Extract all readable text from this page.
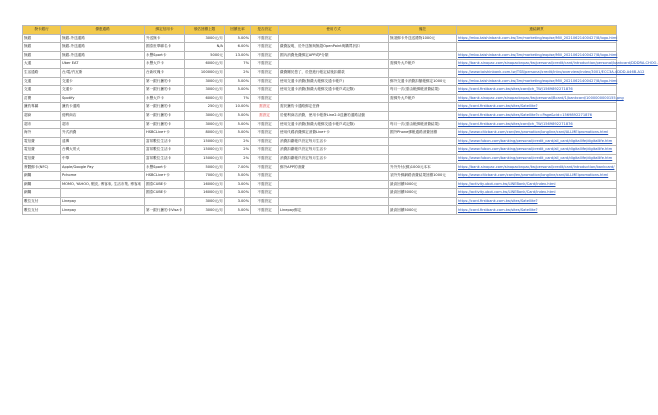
發卡銀行	優惠通路	綁定信用卡	預估回饋上限	回饋比率	是否設定	使用方式	備註	連結網頁
無銀	無銀-外送通路	外送無卡	3000元/月	5.00%	不需設定		無須綁卡外送送禮物1000元	https://mbo.taishinbank.com.tw/3m/marketing/eopise/Mill_20210621400427/8/logo.html
無銀	無銀-外送通路	國泰世華聯名卡	N/A	6.00%	不需設定	繳費說明，於外送無與無超OpenPoint與購買折扣		
無銀	無銀-外送通路	永豐Sport卡	5000元	13.00%	不需設定	國內消費免費綁定APP或P分類		https://mbo.taishinbank.com.tw/3m/marketing/eopise/Mill_20210621400427/8/logo.html
大通	Uber EAT	永豐大戶卡	6000元/月	7%	不需設定		需綁外大戶帳戶	https://bank.sinopac.com/sinopacbnpac/tw/personal/credit/card/introduction/personal/bankcard/DDDRA-CHOO-
生活通路	台/電/汽瓦斯	台新玫瑰卡	100000元/月	2%	不需設定	繳費關於您了，於您進行帳定結後扣繳款		https://www.taishinbank.com.tw/TSB/personal/credit/intro/overview/index/3001/ECC3A-4DDD-A46B-A12
交通	交通卡	第一銀行獵豹卡	3000元/月	5.00%	不需設定	使用交通卡消費(無繳大帳綁交通卡帳戶)	綁外交通卡消費扣額帳綁定1000元	https://mbo.taishinbank.com.tw/3m/marketing/eopise/Mill_20210621400427/8/logo.html
交通	交通卡	第一銀行獵豹卡	3000元/月	5.00%	不需設定	使用交通卡消費(無繳大帳綁交通卡帳戶或記錄)	每月一次(需由帳綁帳消費結果)	https://card.firstbank.com.tw/sites/card/ch_TW/1569892271876
訂閱	Spotify	永豐大戶卡	6000元/月	7%	不需設定		需綁外大戶帳戶	https://bank.sinopac.com/sinopacbnpac/tw/personal/Bcard/1/bankcard/1000000000155.png
獵豹專屬	獵豹卡通路	第一銀行獵豹卡	250元/月	10.00%	需設定	需於獵豹卡通路綁定任務		https://card.firstbank.com.tw/sites/Satellite?
超商	便利商店	第一銀行獵豹卡	3000元/月	5.00%	需設定	於便利商店消費，使用卡帳發Line2.0送獵豹通路活動		https://card.firstbank.com.tw/sites/Satellite?c=Page&cid=1569892271876
超市	超市	第一銀行獵豹卡	3000元/月	5.00%	不需設定	使用交通卡消費(無繳大帳綁交通卡帳戶或記錄)	每月一次(需由帳綁帳消費結果)	https://card.firstbank.com.tw/sites/card/ch_TW/1569892271876
海外	外式消費	HSBCLive+卡	8000元/月	5.00%	不需設定	使用代碼消費綁定消費Live+卡	國外Phone綁帳通路消費回饋	https://www.citicbank.com/card/en/promotion/longline/card/ALLMElpromotions.html
電信費	遠傳	富邦數位生活卡	15000元/月	2%	不需設定	消費扣繳帳戶設定每月生活卡		https://www.fubon.com/banking/personal/credit_card/all_card/digitallife/digitallife.htm
電信費	台灣大哥大	富邦數位生活卡	15000元/月	2%	不需設定	消費扣繳帳戶設定每月生活卡		https://www.fubon.com/banking/personal/credit_card/all_card/digitallife/digitallife.htm
電信費	中華	富邦數位生活卡	15000元/月	2%	不需設定	消費扣繳帳戶設定每月生活卡		https://www.fubon.com/banking/personal/credit_card/all_card/digitallife/digitallife.htm
實體綁卡(NFC)	Apple/Google Pay	永豐Sport卡	5000元/月	7.00%	不需設定	綁外APP的消費	外外外付(綁)1000元本本	https://bank.sinopac.com/sinopacbnpac/tw/personal/credit/card/introduction/bankcard/
網購	Pchome	HSBCLive+卡	7000元/月	5.00%	不需設定		須外外綁網路消費結果回饋1000元	https://www.citicbank.com/card/en/promotion/longline/card/ALLMElpromotions.html
網購	MOMO, YAHOO, 蝦皮, 博客來, 生活市集, 博客來	國泰CUBE卡	16000元/月	3.00%	不需設定		最高回饋5000元	https://activity.ubot.com.tw/LINEBank/Card/index.html
網購		國泰CUBE卡	16000元/月	3.00%	不需設定		最高回饋5000元	https://activity.ubot.com.tw/LINEBank/Card/index.html
數位支付	Linepay		3000元/月	3.00%	不需設定			https://card.firstbank.com.tw/sites/Satellite?
數位支付	Linepay	第一銀行獵豹卡Visa卡	3000元/月	5.00%	不需設定	Linepay綁定	最高回饋5000元	https://card.firstbank.com.tw/sites/Satellite?
